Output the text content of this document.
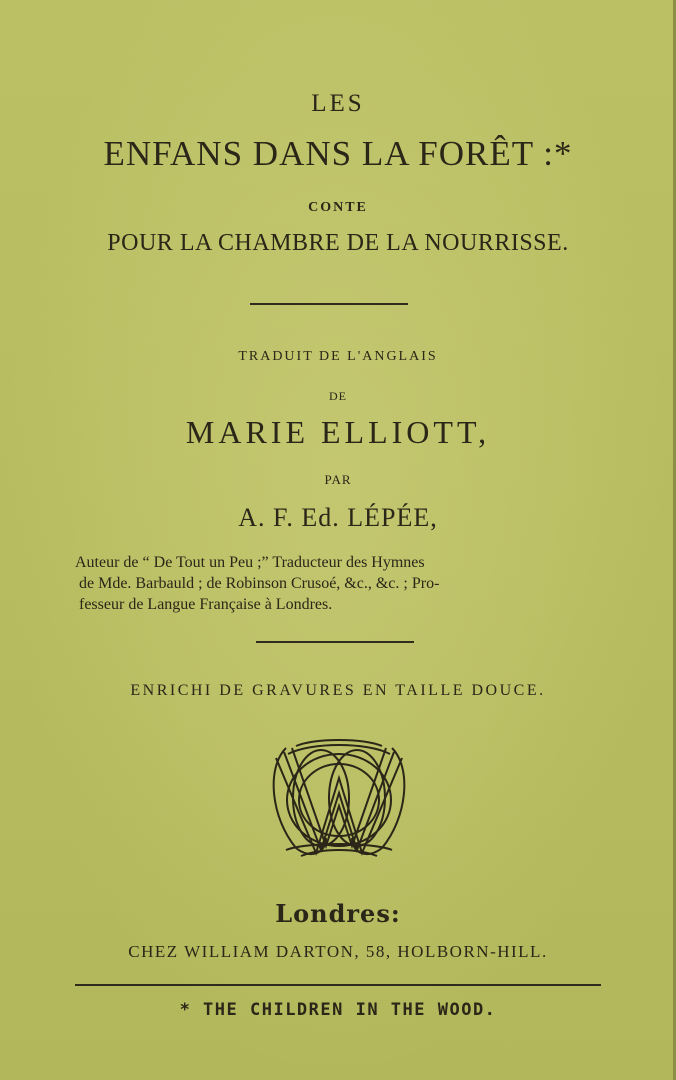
LES
ENFANS DANS LA FORÊT :*
CONTE
POUR LA CHAMBRE DE LA NOURRISSE.
TRADUIT DE L'ANGLAIS
DE
MARIE ELLIOTT,
PAR
A. F. Ed. LÉPÉE,

Auteur de “ De Tout un Peu ;” Traducteur des Hymnes

de Mde. Barbauld ; de Robinson Crusoé, &c., &c. ; Pro-

fesseur de Langue Française à Londres.

ENRICHI DE GRAVURES EN TAILLE DOUCE.
Londres:
CHEZ WILLIAM DARTON, 58, HOLBORN-HILL.
* THE CHILDREN IN THE WOOD.
